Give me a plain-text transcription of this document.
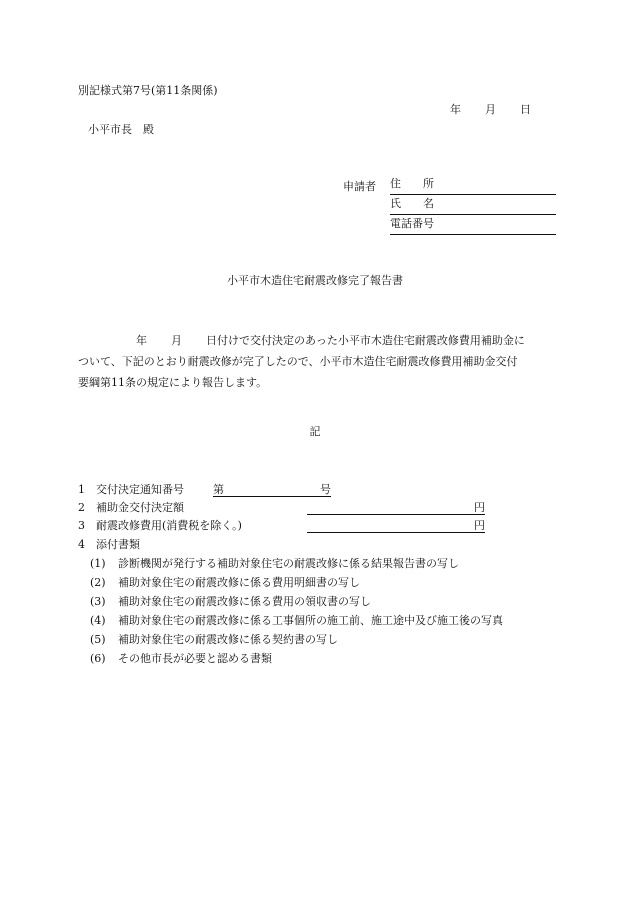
別記様式第7号(第11条関係)
年 月 日
小平市長　殿
申請者 住　　所
氏　　名
電話番号
小平市木造住宅耐震改修完了報告書
年 月 日付けで交付決定のあった小平市木造住宅耐震改修費用補助金に
ついて、下記のとおり耐震改修が完了したので、小平市木造住宅耐震改修費用補助金交付
要綱第11条の規定により報告します。
記
1 交付決定通知番号	第	号
2 補助金交付決定額	円
3 耐震改修費用(消費税を除く。)	円
4 添付書類
(1) 診断機関が発行する補助対象住宅の耐震改修に係る結果報告書の写し
(2) 補助対象住宅の耐震改修に係る費用明細書の写し
(3) 補助対象住宅の耐震改修に係る費用の領収書の写し
(4) 補助対象住宅の耐震改修に係る工事個所の施工前、施工途中及び施工後の写真
(5) 補助対象住宅の耐震改修に係る契約書の写し
(6) その他市長が必要と認める書類
